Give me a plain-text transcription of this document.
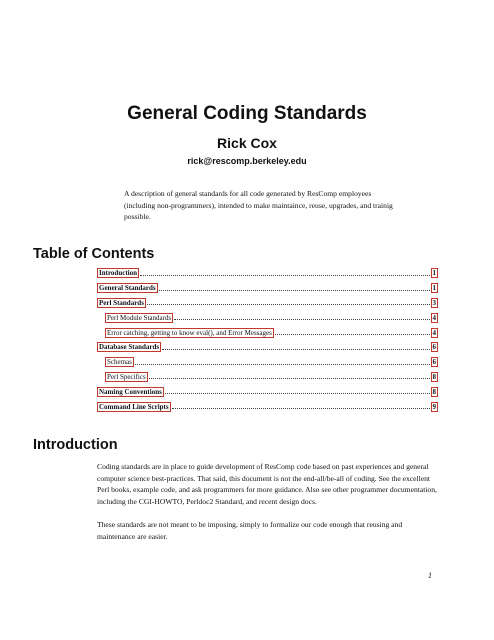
General Coding Standards
Rick Cox
rick@rescomp.berkeley.edu
A description of general standards for all code generated by ResComp employees (including non-programmers), intended to make maintaince, reuse, upgrades, and trainig possible.
Table of Contents
Introduction	1
General Standards	1
Perl Standards	3
Perl Module Standards	4
Error catching, getting to know eval(), and Error Messages	4
Database Standards	6
Schemas	6
Perl Specifics	8
Naming Conventions	8
Command Line Scripts	9
Introduction
Coding standards are in place to guide development of ResComp code based on past experiences and general computer science best-practices. That said, this document is not the end-all/be-all of coding. See the excellent Perl books, example code, and ask programmers for more guidance. Also see other programmer documentation, including the CGI-HOWTO, Perldoc2 Standard, and recent design docs.
These standards are not meant to be imposing, simply to formalize our code enough that reusing and maintenance are easier.
1
